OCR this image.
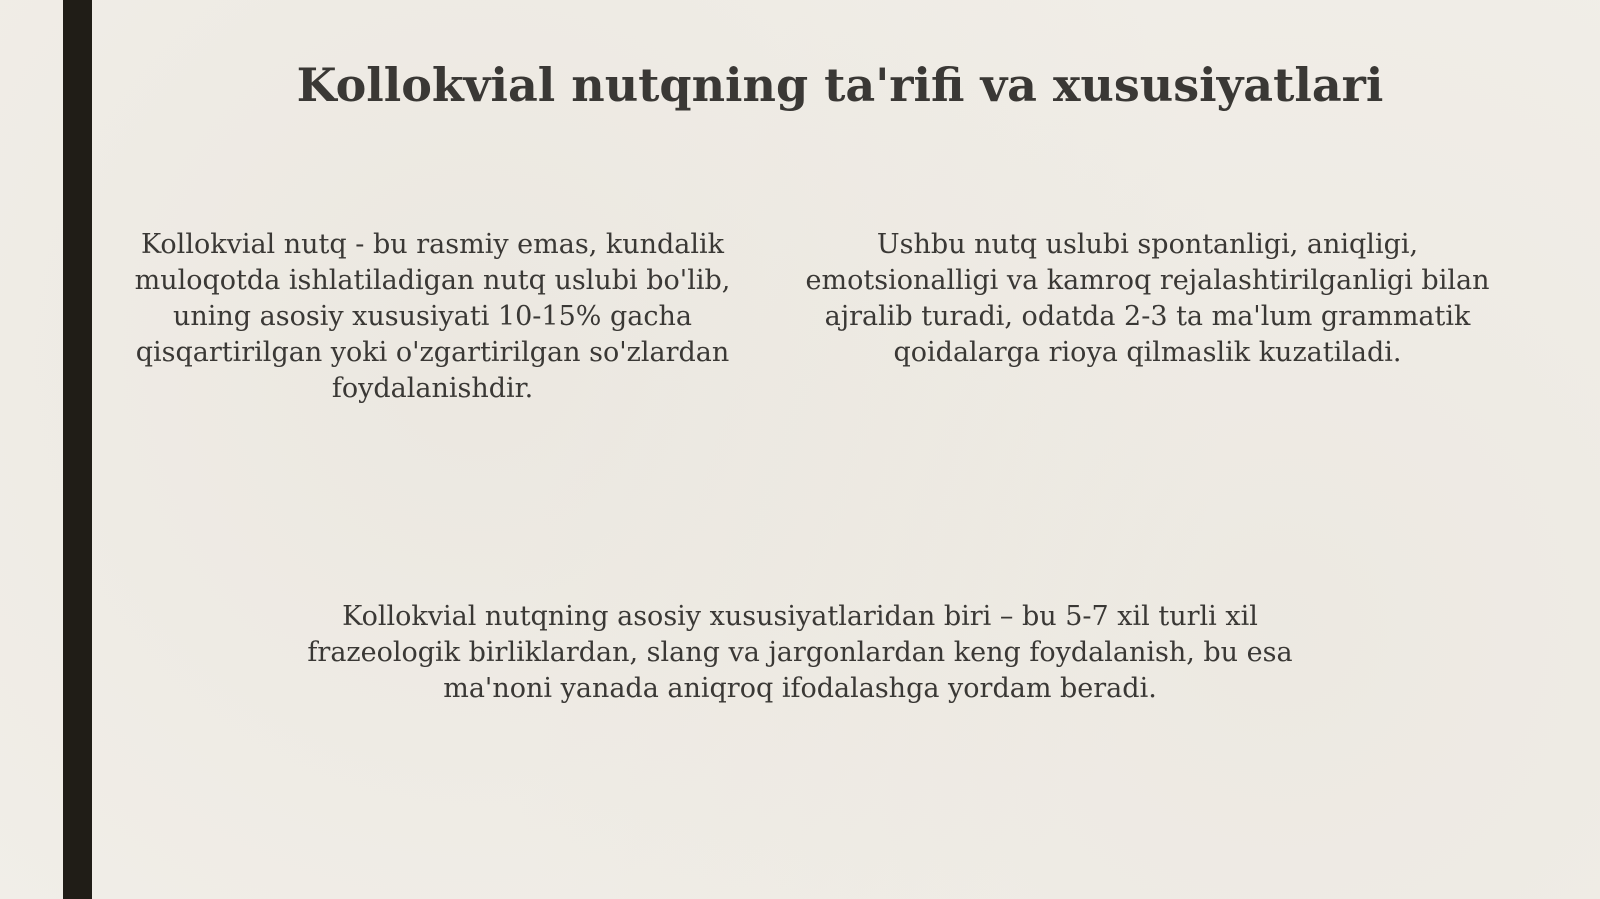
Kollokvial nutqning ta'rifi va xususiyatlari

Kollokvial nutq - bu rasmiy emas, kundalik muloqotda ishlatiladigan nutq uslubi bo'lib, uning asosiy xususiyati 10-15% gacha qisqartirilgan yoki o'zgartirilgan so'zlardan foydalanishdir.

Ushbu nutq uslubi spontanligi, aniqligi, emotsionalligi va kamroq rejalashtirilganligi bilan ajralib turadi, odatda 2-3 ta ma'lum grammatik qoidalarga rioya qilmaslik kuzatiladi.

Kollokvial nutqning asosiy xususiyatlaridan biri – bu 5-7 xil turli xil frazeologik birliklardan, slang va jargonlardan keng foydalanish, bu esa ma'noni yanada aniqroq ifodalashga yordam beradi.
